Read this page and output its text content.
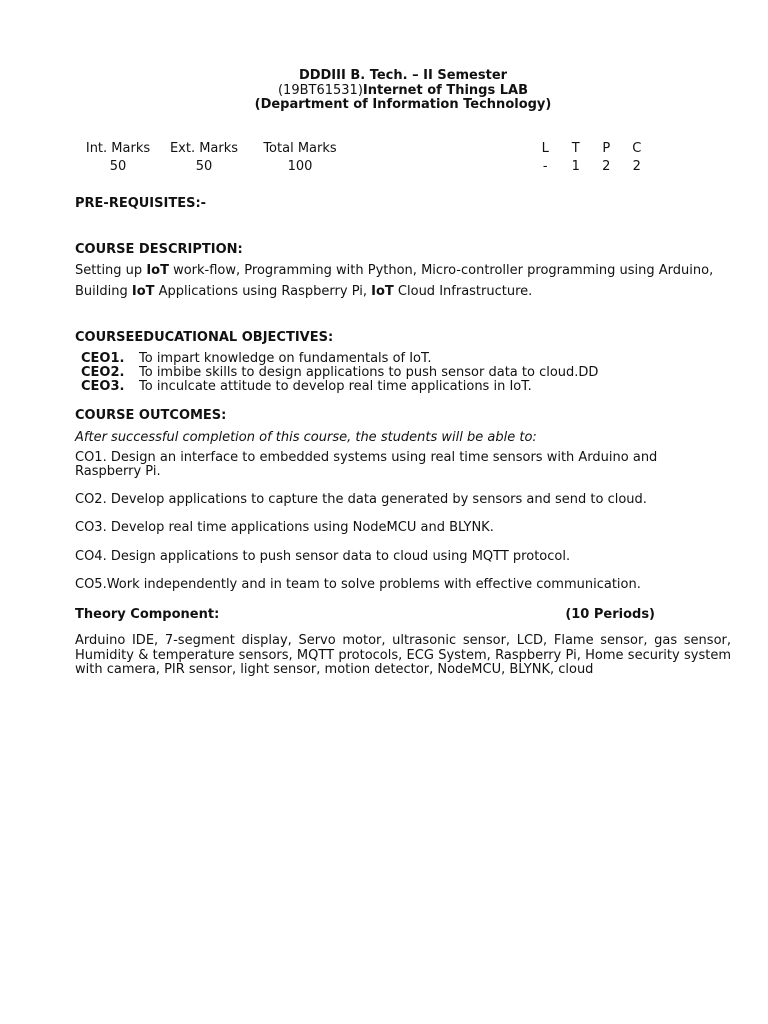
DDDIII B. Tech. – II Semester
(19BT61531)Internet of Things LAB
(Department of Information Technology)
Int. Marks	Ext. Marks	Total Marks
50	50	100
L	T	P	C
-	1	2	2
PRE-REQUISITES:-
COURSE DESCRIPTION:
Setting up IoT work-flow, Programming with Python, Micro-controller programming using Arduino,
Building IoT Applications using Raspberry Pi, IoT Cloud Infrastructure.
COURSEEDUCATIONAL OBJECTIVES:
CEO1.	To impart knowledge on fundamentals of IoT.
CEO2.	To imbibe skills to design applications to push sensor data to cloud.DD
CEO3.	To inculcate attitude to develop real time applications in IoT.
COURSE OUTCOMES:
After successful completion of this course, the students will be able to:
CO1. Design an interface to embedded systems using real time sensors with Arduino and Raspberry Pi.
CO2. Develop applications to capture the data generated by sensors and send to cloud.
CO3. Develop real time applications using NodeMCU and BLYNK.
CO4. Design applications to push sensor data to cloud using MQTT protocol.
CO5.Work independently and in team to solve problems with effective communication.
Theory Component:	(10 Periods)
Arduino IDE, 7-segment display, Servo motor, ultrasonic sensor, LCD, Flame sensor, gas sensor, Humidity & temperature sensors, MQTT protocols, ECG System, Raspberry Pi, Home security system with camera, PIR sensor, light sensor, motion detector, NodeMCU, BLYNK, cloud
